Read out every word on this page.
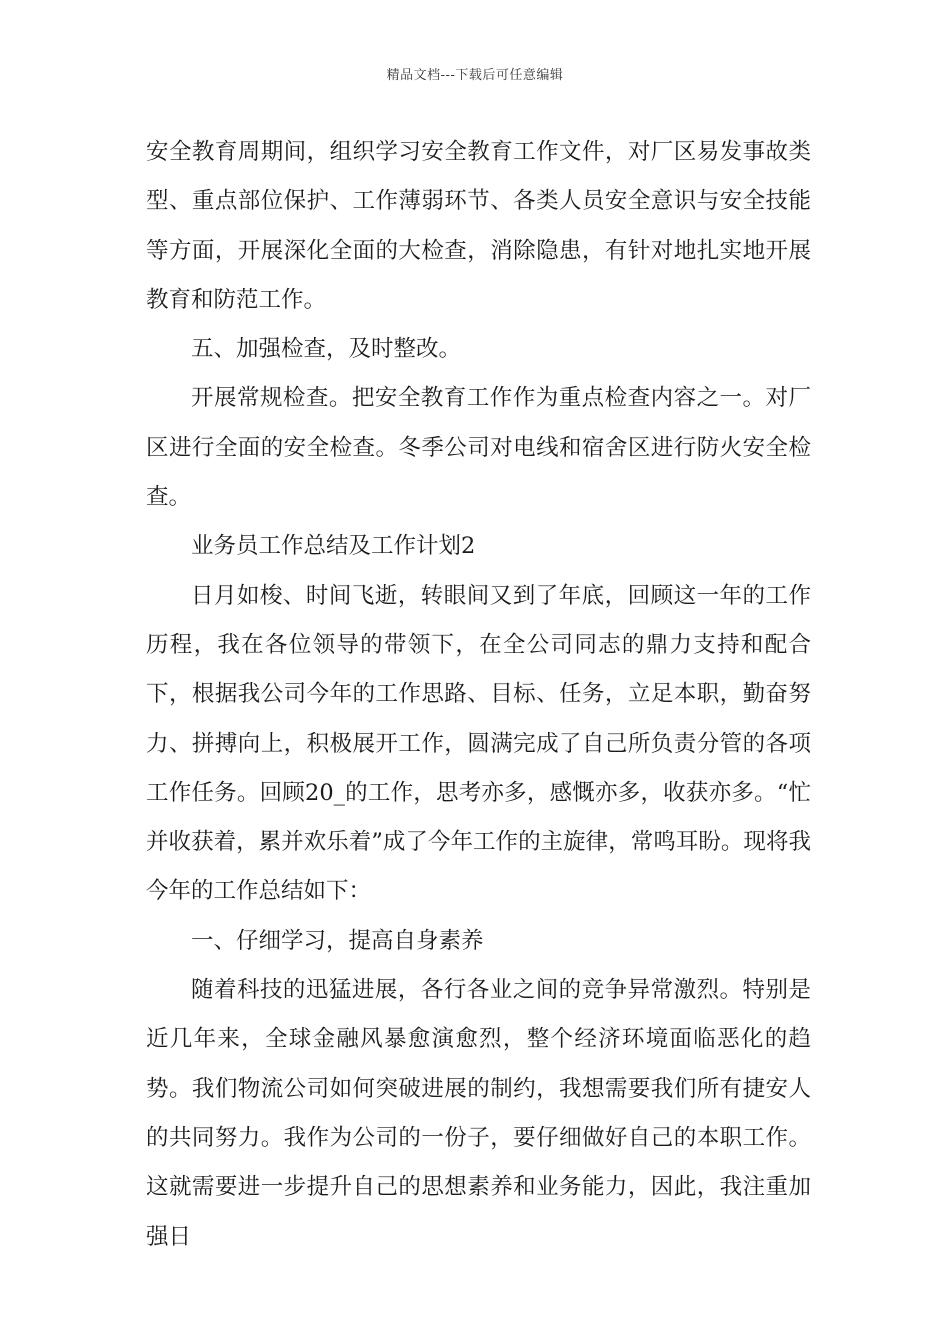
精品文档---下载后可任意编辑

安全教育周期间，组织学习安全教育工作文件，对厂区易发事故类型、重点部位保护、工作薄弱环节、各类人员安全意识与安全技能等方面，开展深化全面的大检查，消除隐患，有针对地扎实地开展教育和防范工作。

五、加强检查，及时整改。

开展常规检查。把安全教育工作作为重点检查内容之一。对厂区进行全面的安全检查。冬季公司对电线和宿舍区进行防火安全检查。

业务员工作总结及工作计划2

日月如梭、时间飞逝，转眼间又到了年底，回顾这一年的工作历程，我在各位领导的带领下，在全公司同志的鼎力支持和配合下，根据我公司今年的工作思路、目标、任务，立足本职，勤奋努力、拼搏向上，积极展开工作，圆满完成了自己所负责分管的各项工作任务。回顾20_的工作，思考亦多，感慨亦多，收获亦多。“忙并收获着，累并欢乐着”成了今年工作的主旋律，常鸣耳盼。现将我今年的工作总结如下：

一、仔细学习，提高自身素养

随着科技的迅猛进展，各行各业之间的竞争异常激烈。特别是近几年来，全球金融风暴愈演愈烈，整个经济环境面临恶化的趋势。我们物流公司如何突破进展的制约，我想需要我们所有捷安人的共同努力。我作为公司的一份子，要仔细做好自己的本职工作。这就需要进一步提升自己的思想素养和业务能力，因此，我注重加强日
